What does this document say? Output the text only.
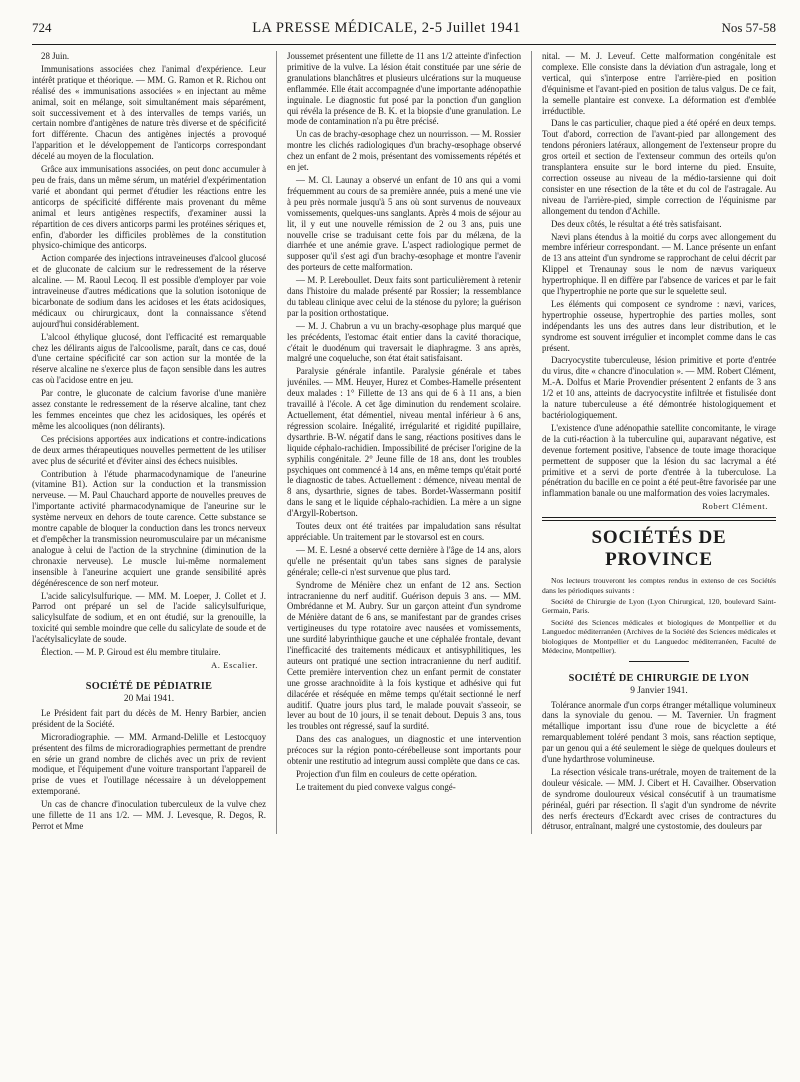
724	LA PRESSE MÉDICALE, 2-5 Juillet 1941	Nos 57-58

28 Juin.

Immunisations associées chez l'animal d'expérience. Leur intérêt pratique et théorique. — MM. G. Ramon et R. Richou ont réalisé des « immunisations associées » en injectant au même animal, soit en mélange, soit simultanément mais séparément, soit successivement et à des intervalles de temps variés, un certain nombre d'antigènes de nature très diverse et de spécificité fort différente. Chacun des antigènes injectés a provoqué l'apparition et le développement de l'anticorps correspondant décelé au moyen de la floculation.

Grâce aux immunisations associées, on peut donc accumuler à peu de frais, dans un même sérum, un matériel d'expérimentation varié et abondant qui permet d'étudier les réactions entre les anticorps de spécificité différente mais provenant du même animal et leurs antigènes respectifs, d'examiner aussi la répartition de ces divers anticorps parmi les protéines sériques et, enfin, d'aborder les difficiles problèmes de la constitution physico-chimique des anticorps.

Action comparée des injections intraveineuses d'alcool glucosé et de gluconate de calcium sur le redressement de la réserve alcaline. — M. Raoul Lecoq. Il est possible d'employer par voie intraveineuse d'autres médications que la solution isotonique de bicarbonate de sodium dans les acidoses et les états acidosiques, médicaux ou chirurgicaux, dont la connaissance s'étend aujourd'hui considérablement.

L'alcool éthylique glucosé, dont l'efficacité est remarquable chez les délirants aigus de l'alcoolisme, paraît, dans ce cas, doué d'une certaine spécificité car son action sur la montée de la réserve alcaline ne s'exerce plus de façon sensible dans les autres cas où l'acidose entre en jeu.

Par contre, le gluconate de calcium favorise d'une manière assez constante le redressement de la réserve alcaline, tant chez les femmes enceintes que chez les acidosiques, les opérés et même les alcooliques (non délirants).

Ces précisions apportées aux indications et contre-indications de deux armes thérapeutiques nouvelles permettent de les utiliser avec plus de sécurité et d'éviter ainsi des échecs nuisibles.

Contribution à l'étude pharmacodynamique de l'aneurine (vitamine B1). Action sur la conduction et la transmission nerveuse. — M. Paul Chauchard apporte de nouvelles preuves de l'importante activité pharmacodynamique de l'aneurine sur le système nerveux en dehors de toute carence. Cette substance se montre capable de bloquer la conduction dans les troncs nerveux et d'empêcher la transmission neuromusculaire par un mécanisme analogue à celui de l'action de la strychnine (diminution de la chronaxie nerveuse). Le muscle lui-même normalement insensible à l'aneurine acquiert une grande sensibilité après dégénérescence de son nerf moteur.

L'acide salicylsulfurique. — MM. M. Loeper, J. Collet et J. Parrod ont préparé un sel de l'acide salicylsulfurique, salicylsulfate de sodium, et en ont étudié, sur la grenouille, la toxicité qui semble moindre que celle du salicylate de soude et de l'acétylsalicylate de soude.

Élection. — M. P. Giroud est élu membre titulaire.

A. Escalier.
SOCIÉTÉ DE PÉDIATRIE
20 Mai 1941.

Le Président fait part du décès de M. Henry Barbier, ancien président de la Société.

Microradiographie. — MM. Armand-Delille et Lestocquoy présentent des films de microradiographies permettant de prendre en série un grand nombre de clichés avec un prix de revient modique, et l'équipement d'une voiture transportant l'appareil de prise de vues et l'outillage nécessaire à un développement extemporané.

Un cas de chancre d'inoculation tuberculeux de la vulve chez une fillette de 11 ans 1/2. — MM. J. Levesque, R. Degos, R. Perrot et Mme

Joussemet présentent une fillette de 11 ans 1/2 atteinte d'infection primitive de la vulve. La lésion était constituée par une série de granulations blanchâtres et plusieurs ulcérations sur la muqueuse enflammée. Elle était accompagnée d'une importante adénopathie inguinale. Le diagnostic fut posé par la ponction d'un ganglion qui révéla la présence de B. K. et la biopsie d'une granulation. Le mode de contamination n'a pu être précisé.

Un cas de brachy-œsophage chez un nourrisson. — M. Rossier montre les clichés radiologiques d'un brachy-œsophage observé chez un enfant de 2 mois, présentant des vomissements répétés et en jet.

— M. Cl. Launay a observé un enfant de 10 ans qui a vomi fréquemment au cours de sa première année, puis a mené une vie à peu près normale jusqu'à 5 ans où sont survenus de nouveaux vomissements, quelques-uns sanglants. Après 4 mois de séjour au lit, il y eut une nouvelle rémission de 2 ou 3 ans, puis une nouvelle crise se traduisant cette fois par du mélæna, de la diarrhée et une anémie grave. L'aspect radiologique permet de supposer qu'il s'est agi d'un brachy-œsophage et montre l'avenir des porteurs de cette malformation.

— M. P. Lereboullet. Deux faits sont particulièrement à retenir dans l'histoire du malade présenté par Rossier; la ressemblance du tableau clinique avec celui de la sténose du pylore; la guérison par la position orthostatique.

— M. J. Chabrun a vu un brachy-œsophage plus marqué que les précédents, l'estomac était entier dans la cavité thoracique, c'était le duodénum qui traversait le diaphragme. 3 ans après, malgré une coqueluche, son état était satisfaisant.

Paralysie générale infantile. Paralysie générale et tabes juvéniles. — MM. Heuyer, Hurez et Combes-Hamelle présentent deux malades : 1° Fillette de 13 ans qui de 6 à 11 ans, a bien travaillé à l'école. A cet âge diminution du rendement scolaire. Actuellement, état démentiel, niveau mental inférieur à 6 ans, régression scolaire. Inégalité, irrégularité et rigidité pupillaire, dysarthrie. B-W. négatif dans le sang, réactions positives dans le liquide céphalo-rachidien. Impossibilité de préciser l'origine de la syphilis congénitale. 2° Jeune fille de 18 ans, dont les troubles psychiques ont commencé à 14 ans, en même temps qu'était porté le diagnostic de tabes. Actuellement : démence, niveau mental de 8 ans, dysarthrie, signes de tabes. Bordet-Wassermann positif dans le sang et le liquide céphalo-rachidien. La mère a un signe d'Argyll-Robertson.

Toutes deux ont été traitées par impaludation sans résultat appréciable. Un traitement par le stovarsol est en cours.

— M. E. Lesné a observé cette dernière à l'âge de 14 ans, alors qu'elle ne présentait qu'un tabes sans signes de paralysie générale; celle-ci n'est survenue que plus tard.

Syndrome de Ménière chez un enfant de 12 ans. Section intracranienne du nerf auditif. Guérison depuis 3 ans. — MM. Ombrédanne et M. Aubry. Sur un garçon atteint d'un syndrome de Ménière datant de 6 ans, se manifestant par de grandes crises vertigineuses du type rotatoire avec nausées et vomissements, une surdité labyrinthique gauche et une céphalée frontale, devant l'inefficacité des traitements médicaux et antisyphilitiques, les auteurs ont pratiqué une section intracranienne du nerf auditif. Cette première intervention chez un enfant permit de constater une grosse arachnoïdite à la fois kystique et adhésive qui fut dilacérée et réséquée en même temps qu'était sectionné le nerf auditif. Quatre jours plus tard, le malade pouvait s'asseoir, se lever au bout de 10 jours, il se tenait debout. Depuis 3 ans, tous les troubles ont régressé, sauf la surdité.

Dans des cas analogues, un diagnostic et une intervention précoces sur la région ponto-cérébelleuse sont importants pour obtenir une restitutio ad integrum aussi complète que dans ce cas.

Projection d'un film en couleurs de cette opération.

Le traitement du pied convexe valgus congé-

nital. — M. J. Leveuf. Cette malformation congénitale est complexe. Elle consiste dans la déviation d'un astragale, long et vertical, qui s'interpose entre l'arrière-pied en position d'équinisme et l'avant-pied en position de talus valgus. De ce fait, la semelle plantaire est convexe. La déformation est d'emblée irréductible.

Dans le cas particulier, chaque pied a été opéré en deux temps. Tout d'abord, correction de l'avant-pied par allongement des tendons péroniers latéraux, allongement de l'extenseur propre du gros orteil et section de l'extenseur commun des orteils qu'on transplantera ensuite sur le bord interne du pied. Ensuite, correction osseuse au niveau de la médio-tarsienne qui doit consister en une résection de la tête et du col de l'astragale. Au niveau de l'arrière-pied, simple correction de l'équinisme par allongement du tendon d'Achille.

Des deux côtés, le résultat a été très satisfaisant.

Nævi plans étendus à la moitié du corps avec allongement du membre inférieur correspondant. — M. Lance présente un enfant de 13 ans atteint d'un syndrome se rapprochant de celui décrit par Klippel et Trenaunay sous le nom de nævus variqueux hypertrophique. Il en diffère par l'absence de varices et par le fait que l'hypertrophie ne porte que sur le squelette seul.

Les éléments qui composent ce syndrome : nævi, varices, hypertrophie osseuse, hypertrophie des parties molles, sont indépendants les uns des autres dans leur distribution, et le syndrome est souvent irrégulier et incomplet comme dans le cas présent.

Dacryocystite tuberculeuse, lésion primitive et porte d'entrée du virus, dite « chancre d'inoculation ». — MM. Robert Clément, M.-A. Dolfus et Marie Provendier présentent 2 enfants de 3 ans 1/2 et 10 ans, atteints de dacryocystite infiltrée et fistulisée dont la nature tuberculeuse a été démontrée histologiquement et bactériologiquement.

L'existence d'une adénopathie satellite concomitante, le virage de la cuti-réaction à la tuberculine qui, auparavant négative, est devenue fortement positive, l'absence de toute image thoracique permettent de supposer que la lésion du sac lacrymal a été primitive et a servi de porte d'entrée à la tuberculose. La pénétration du bacille en ce point a été peut-être favorisée par une inflammation banale ou une malformation des voies lacrymales.

Robert Clément.
SOCIÉTÉS DE PROVINCE

Nos lecteurs trouveront les comptes rendus in extenso de ces Sociétés dans les périodiques suivants :

Société de Chirurgie de Lyon (Lyon Chirurgical, 120, boulevard Saint-Germain, Paris.

Société des Sciences médicales et biologiques de Montpellier et du Languedoc méditerranéen (Archives de la Société des Sciences médicales et biologiques de Montpellier et du Languedoc méditerranéen, Faculté de Médecine, Montpellier).

SOCIÉTÉ DE CHIRURGIE DE LYON
9 Janvier 1941.

Tolérance anormale d'un corps étranger métallique volumineux dans la synoviale du genou. — M. Tavernier. Un fragment métallique important issu d'une roue de bicyclette a été remarquablement toléré pendant 3 mois, sans réaction septique, par un genou qui a été seulement le siège de quelques douleurs et d'une hydarthrose volumineuse.

La résection vésicale trans-urétrale, moyen de traitement de la douleur vésicale. — MM. J. Cibert et H. Cavailher. Observation de syndrome douloureux vésical consécutif à un traumatisme périnéal, guéri par résection. Il s'agit d'un syndrome de névrite des nerfs érecteurs d'Eckardt avec crises de contractures du détrusor, entraînant, malgré une cystostomie, des douleurs par
